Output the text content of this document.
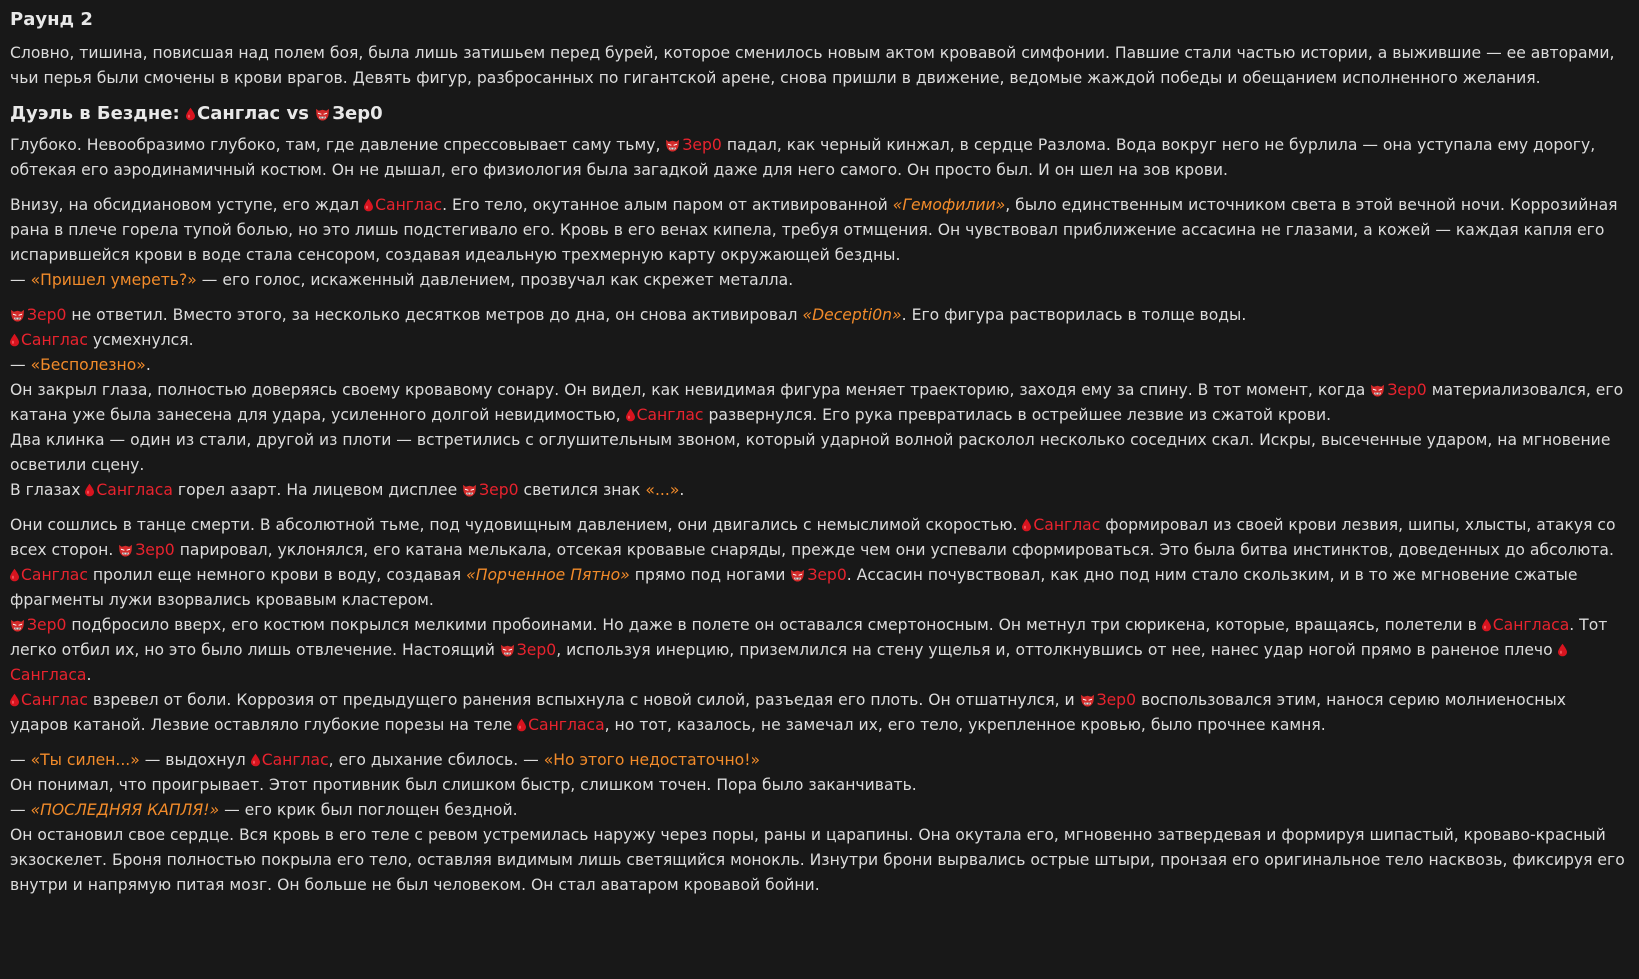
Раунд 2

Словно, тишина, повисшая над полем боя, была лишь затишьем перед бурей, которое сменилось новым актом кровавой симфонии. Павшие стали частью истории, а выжившие — ее авторами, чьи перья были смочены в крови врагов. Девять фигур, разбросанных по гигантской арене, снова пришли в движение, ведомые жаждой победы и обещанием исполненного желания.

Дуэль в Бездне: Санглас vs Зер0

Глубоко. Невообразимо глубоко, там, где давление спрессовывает саму тьму, Зер0 падал, как черный кинжал, в сердце Разлома. Вода вокруг него не бурлила — она уступала ему дорогу, обтекая его аэродинамичный костюм. Он не дышал, его физиология была загадкой даже для него самого. Он просто был. И он шел на зов крови.

Внизу, на обсидиановом уступе, его ждал Санглас. Его тело, окутанное алым паром от активированной «Гемофилии», было единственным источником света в этой вечной ночи. Коррозийная рана в плече горела тупой болью, но это лишь подстегивало его. Кровь в его венах кипела, требуя отмщения. Он чувствовал приближение ассасина не глазами, а кожей — каждая капля его испарившейся крови в воде стала сенсором, создавая идеальную трехмерную карту окружающей бездны.
— «Пришел умереть?» — его голос, искаженный давлением, прозвучал как скрежет металла.

Зер0 не ответил. Вместо этого, за несколько десятков метров до дна, он снова активировал «Decepti0n». Его фигура растворилась в толще воды.
Санглас усмехнулся.
— «Бесполезно».
Он закрыл глаза, полностью доверяясь своему кровавому сонару. Он видел, как невидимая фигура меняет траекторию, заходя ему за спину. В тот момент, когда Зер0 материализовался, его катана уже была занесена для удара, усиленного долгой невидимостью, Санглас развернулся. Его рука превратилась в острейшее лезвие из сжатой крови.
Два клинка — один из стали, другой из плоти — встретились с оглушительным звоном, который ударной волной расколол несколько соседних скал. Искры, высеченные ударом, на мгновение осветили сцену.
В глазах Сангласа горел азарт. На лицевом дисплее Зер0 светился знак «...».

Они сошлись в танце смерти. В абсолютной тьме, под чудовищным давлением, они двигались с немыслимой скоростью. Санглас формировал из своей крови лезвия, шипы, хлысты, атакуя со всех сторон. Зер0 парировал, уклонялся, его катана мелькала, отсекая кровавые снаряды, прежде чем они успевали сформироваться. Это была битва инстинктов, доведенных до абсолюта.
Санглас пролил еще немного крови в воду, создавая «Порченное Пятно» прямо под ногами Зер0. Ассасин почувствовал, как дно под ним стало скользким, и в то же мгновение сжатые фрагменты лужи взорвались кровавым кластером.
Зер0 подбросило вверх, его костюм покрылся мелкими пробоинами. Но даже в полете он оставался смертоносным. Он метнул три сюрикена, которые, вращаясь, полетели в Сангласа. Тот легко отбил их, но это было лишь отвлечение. Настоящий Зер0, используя инерцию, приземлился на стену ущелья и, оттолкнувшись от нее, нанес удар ногой прямо в раненое плечо Сангласа.
Санглас взревел от боли. Коррозия от предыдущего ранения вспыхнула с новой силой, разъедая его плоть. Он отшатнулся, и Зер0 воспользовался этим, нанося серию молниеносных ударов катаной. Лезвие оставляло глубокие порезы на теле Сангласа, но тот, казалось, не замечал их, его тело, укрепленное кровью, было прочнее камня.

— «Ты силен...» — выдохнул Санглас, его дыхание сбилось. — «Но этого недостаточно!»
Он понимал, что проигрывает. Этот противник был слишком быстр, слишком точен. Пора было заканчивать.
— «ПОСЛЕДНЯЯ КАПЛЯ!» — его крик был поглощен бездной.
Он остановил свое сердце. Вся кровь в его теле с ревом устремилась наружу через поры, раны и царапины. Она окутала его, мгновенно затвердевая и формируя шипастый, кроваво-красный экзоскелет. Броня полностью покрыла его тело, оставляя видимым лишь светящийся монокль. Изнутри брони вырвались острые штыри, пронзая его оригинальное тело насквозь, фиксируя его внутри и напрямую питая мозг. Он больше не был человеком. Он стал аватаром кровавой бойни.
